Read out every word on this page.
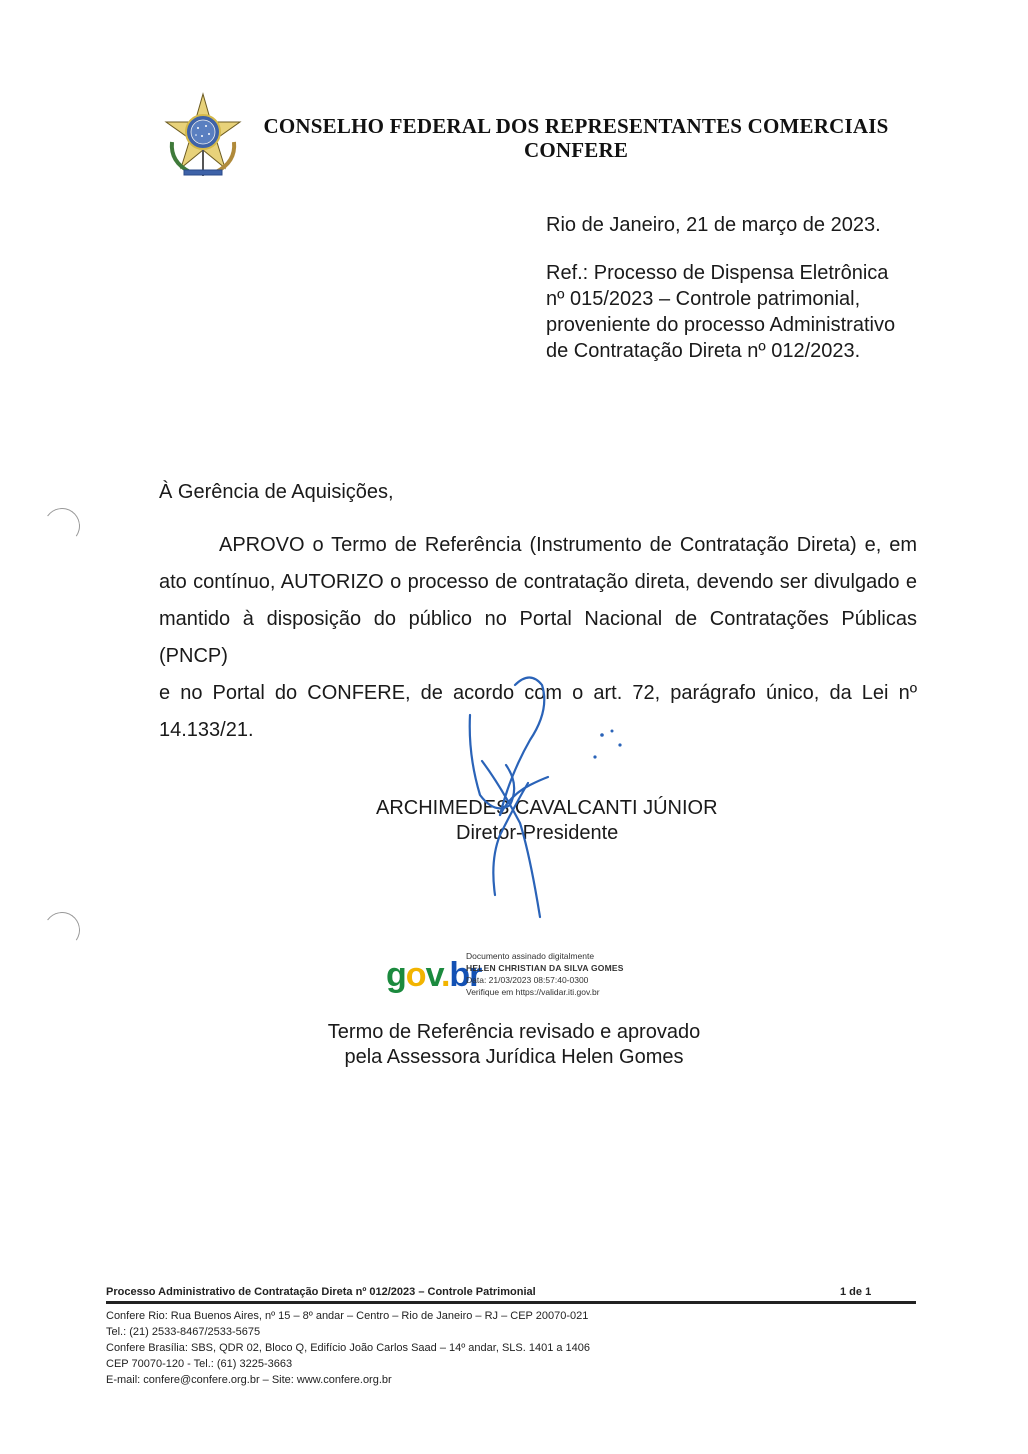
CONSELHO FEDERAL DOS REPRESENTANTES COMERCIAIS
CONFERE
Rio de Janeiro, 21 de março de 2023.
Ref.: Processo de Dispensa Eletrônica
nº 015/2023 – Controle patrimonial,
proveniente do processo Administrativo
de Contratação Direta nº 012/2023.
À Gerência de Aquisições,
APROVO o Termo de Referência (Instrumento de Contratação Direta) e, em
ato contínuo, AUTORIZO o processo de contratação direta, devendo ser divulgado e
mantido à disposição do público no Portal Nacional de Contratações Públicas (PNCP)
e no Portal do CONFERE, de acordo com o art. 72, parágrafo único, da Lei nº
14.133/21.
ARCHIMEDES CAVALCANTI JÚNIOR
Diretor-Presidente
gov.br
Documento assinado digitalmente
HELEN CHRISTIAN DA SILVA GOMES
Data: 21/03/2023 08:57:40-0300
Verifique em https://validar.iti.gov.br
Termo de Referência revisado e aprovado
pela Assessora Jurídica Helen Gomes
Processo Administrativo de Contratação Direta nº 012/2023 – Controle Patrimonial	1 de 1
Confere Rio: Rua Buenos Aires, nº 15 – 8º andar – Centro – Rio de Janeiro – RJ – CEP 20070-021
Tel.: (21) 2533-8467/2533-5675
Confere Brasília: SBS, QDR 02, Bloco Q, Edifício João Carlos Saad – 14º andar, SLS. 1401 a 1406
CEP 70070-120 - Tel.: (61) 3225-3663
E-mail: confere@confere.org.br – Site: www.confere.org.br
